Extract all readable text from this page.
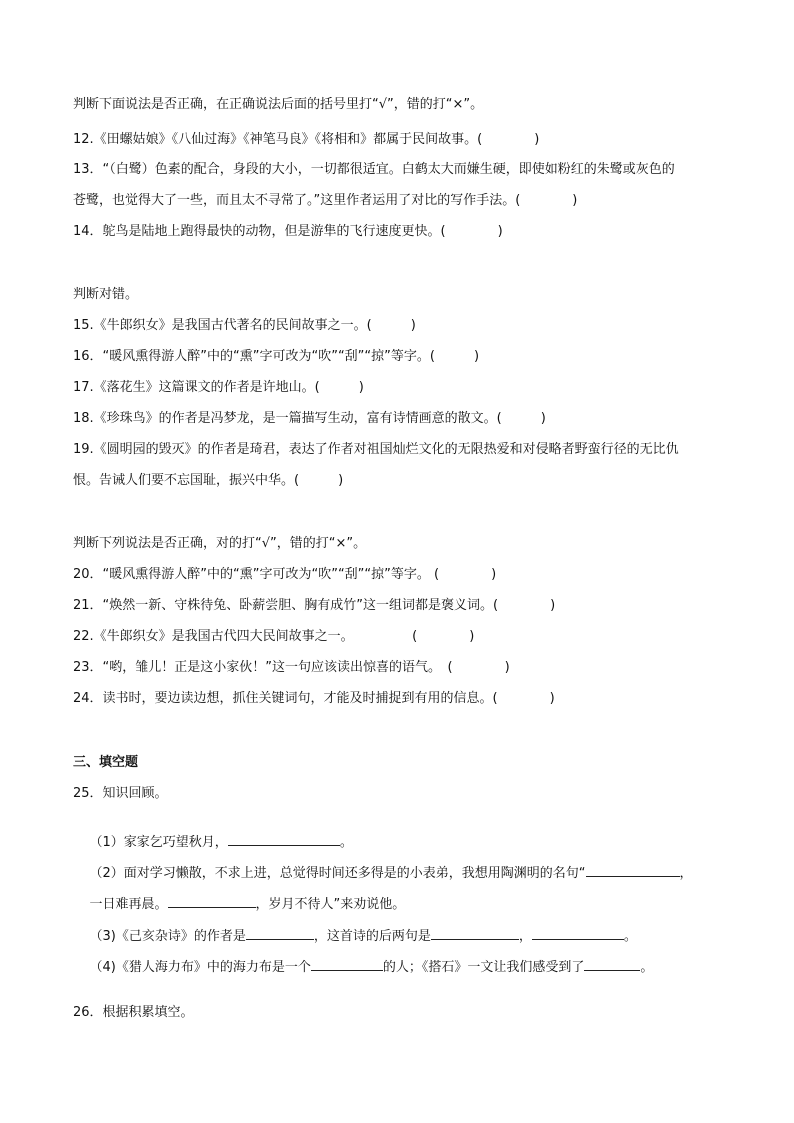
判断下面说法是否正确，在正确说法后面的括号里打“√”，错的打“×”。
12.《田螺姑娘》《八仙过海》《神笔马良》《将相和》都属于民间故事。(　　　　)
13．“（白鹭）色素的配合，身段的大小，一切都很适宜。白鹤太大而嫌生硬，即使如粉红的朱鹭或灰色的
苍鹭，也觉得大了一些，而且太不寻常了。”这里作者运用了对比的写作手法。(　　　　)
14．鸵鸟是陆地上跑得最快的动物，但是游隼的飞行速度更快。(　　　　)
判断对错。
15.《牛郎织女》是我国古代著名的民间故事之一。(　　　)
16．“暖风熏得游人醉”中的“熏”字可改为“吹”“刮”“掠”等字。(　　　)
17.《落花生》这篇课文的作者是许地山。(　　　)
18.《珍珠鸟》的作者是冯梦龙，是一篇描写生动，富有诗情画意的散文。(　　　)
19.《圆明园的毁灭》的作者是琦君，表达了作者对祖国灿烂文化的无限热爱和对侵略者野蛮行径的无比仇
恨。告诫人们要不忘国耻，振兴中华。(　　　)
判断下列说法是否正确，对的打“√”，错的打“×”。
20．“暖风熏得游人醉”中的“熏”字可改为“吹”“刮”“掠”等字。 (　　　　)
21．“焕然一新、守株待兔、卧薪尝胆、胸有成竹”这一组词都是褒义词。(　　　　)
22.《牛郎织女》是我国古代四大民间故事之一。　　　　　(　　　　)
23．“哟，雏儿！正是这小家伙！”这一句应该读出惊喜的语气。　(　　　　)
24．读书时，要边读边想，抓住关键词句，才能及时捕捉到有用的信息。(　　　　)
三、填空题
25．知识回顾。

（1）家家乞巧望秋月，	。

（2）面对学习懒散，不求上进，总觉得时间还多得是的小表弟，我想用陶渊明的名句“	，

一日难再晨。	，岁月不待人”来劝说他。

（3)《己亥杂诗》的作者是	，这首诗的后两句是	，	。

（4)《猎人海力布》中的海力布是一个	的人；《搭石》一文让我们感受到了	。

26．根据积累填空。
